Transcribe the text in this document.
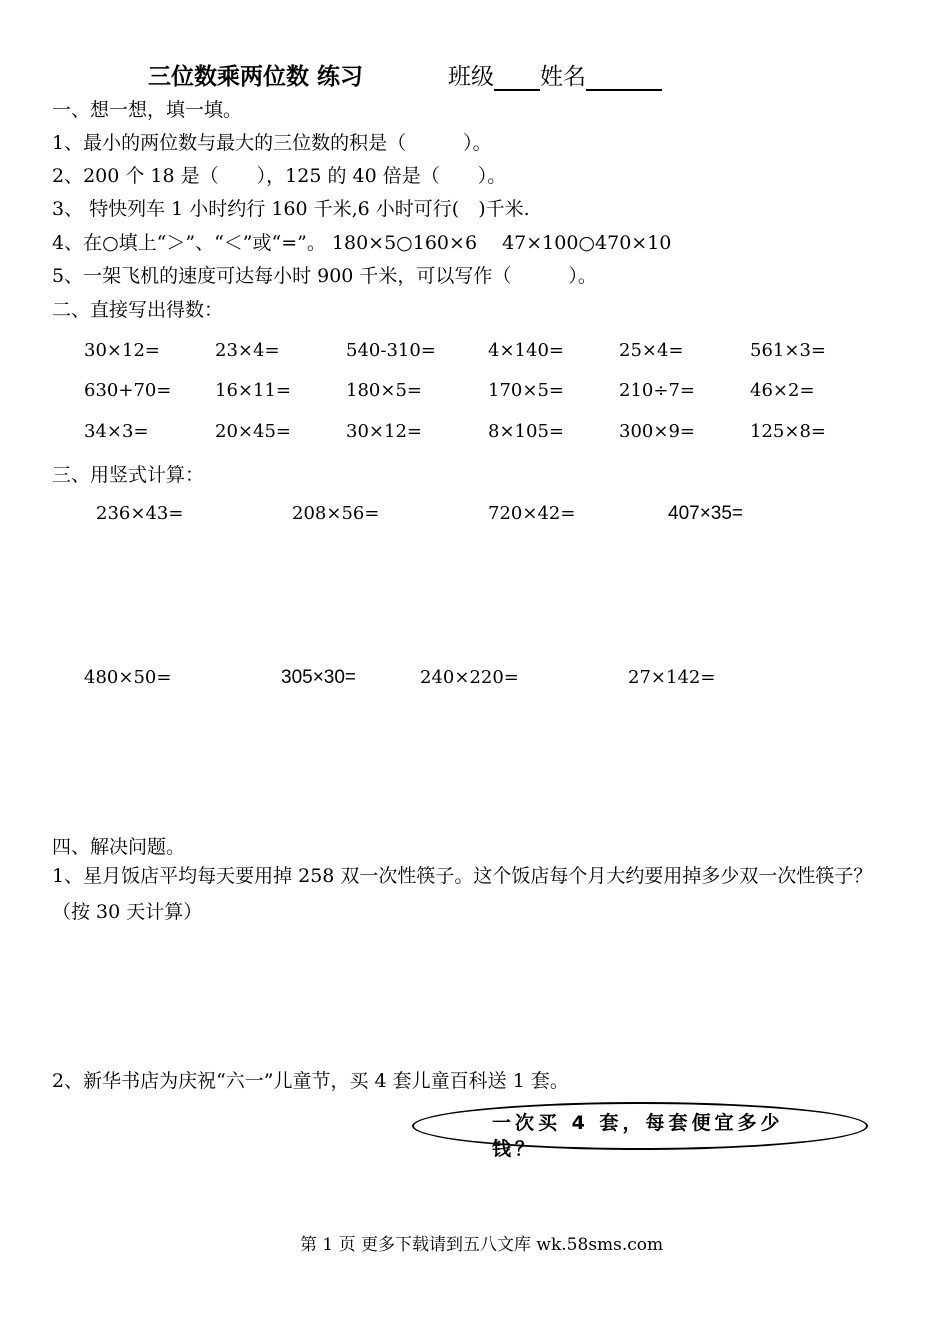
三位数乘两位数 练习	班级 姓名
一、想一想，填一填。
1、最小的两位数与最大的三位数的积是（　　　）。
2、200 个 18 是（　　），125 的 40 倍是（　　）。
3、 特快列车 1 小时约行 160 千米,6 小时可行(　)千米.
4、在○填上“＞”、“＜”或“=”。 180×5○160×6　 47×100○470×10
5、一架飞机的速度可达每小时 900 千米，可以写作（　　　）。
二、直接写出得数：
30×12=	23×4=	540-310=	4×140=	25×4=	561×3=
630+70= 16×11=	180×5=	170×5=	210÷7=	46×2=
34×3=	20×45=	30×12=	8×105=	300×9=	125×8=
三、用竖式计算：
236×43=	208×56=	720×42=	407×35=
480×50=	305×30=	240×220=	27×142=
四、解决问题。
1、星月饭店平均每天要用掉 258 双一次性筷子。这个饭店每个月大约要用掉多少双一次性筷子？（按 30 天计算）
2、新华书店为庆祝“六一”儿童节，买 4 套儿童百科送 1 套。
一次买 4 套，每套便宜多少钱？
第 1 页 更多下载请到五八文库 wk.58sms.com
